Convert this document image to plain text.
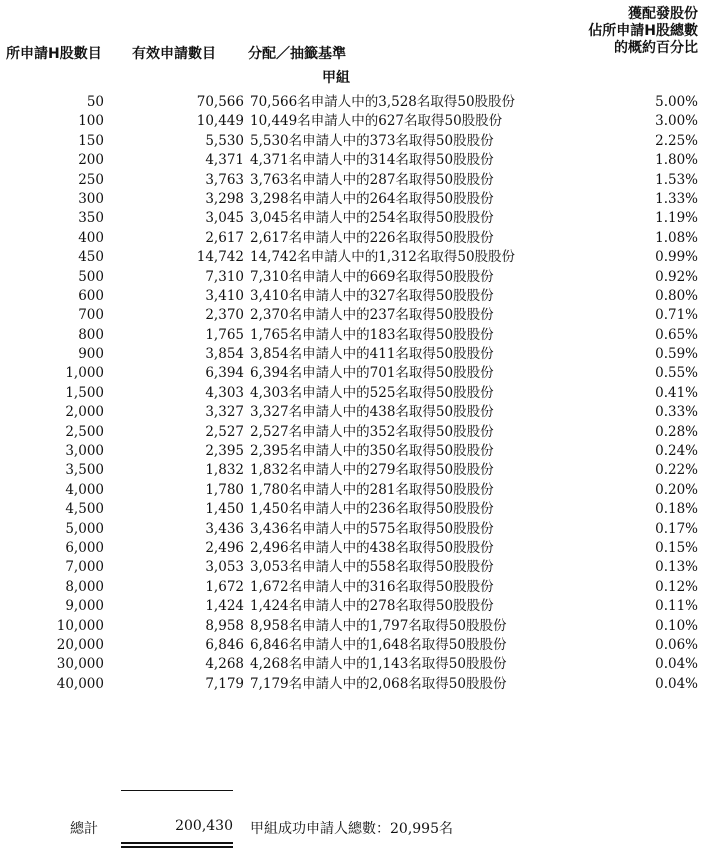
所申請H股數目 有效申請數目 分配／抽籤基準
甲組
獲配發股份
佔所申請H股總數
的概約百分比
50	70,566 70,566名申請人中的3,528名取得50股股份	5.00%
100	10,449 10,449名申請人中的627名取得50股股份	3.00%
150	5,530 5,530名申請人中的373名取得50股股份	2.25%
200	4,371 4,371名申請人中的314名取得50股股份	1.80%
250	3,763 3,763名申請人中的287名取得50股股份	1.53%
300	3,298 3,298名申請人中的264名取得50股股份	1.33%
350	3,045 3,045名申請人中的254名取得50股股份	1.19%
400	2,617 2,617名申請人中的226名取得50股股份	1.08%
450	14,742 14,742名申請人中的1,312名取得50股股份	0.99%
500	7,310 7,310名申請人中的669名取得50股股份	0.92%
600	3,410 3,410名申請人中的327名取得50股股份	0.80%
700	2,370 2,370名申請人中的237名取得50股股份	0.71%
800	1,765 1,765名申請人中的183名取得50股股份	0.65%
900	3,854 3,854名申請人中的411名取得50股股份	0.59%
1,000	6,394 6,394名申請人中的701名取得50股股份	0.55%
1,500	4,303 4,303名申請人中的525名取得50股股份	0.41%
2,000	3,327 3,327名申請人中的438名取得50股股份	0.33%
2,500	2,527 2,527名申請人中的352名取得50股股份	0.28%
3,000	2,395 2,395名申請人中的350名取得50股股份	0.24%
3,500	1,832 1,832名申請人中的279名取得50股股份	0.22%
4,000	1,780 1,780名申請人中的281名取得50股股份	0.20%
4,500	1,450 1,450名申請人中的236名取得50股股份	0.18%
5,000	3,436 3,436名申請人中的575名取得50股股份	0.17%
6,000	2,496 2,496名申請人中的438名取得50股股份	0.15%
7,000	3,053 3,053名申請人中的558名取得50股股份	0.13%
8,000	1,672 1,672名申請人中的316名取得50股股份	0.12%
9,000	1,424 1,424名申請人中的278名取得50股股份	0.11%
10,000	8,958 8,958名申請人中的1,797名取得50股股份	0.10%
20,000	6,846 6,846名申請人中的1,648名取得50股股份	0.06%
30,000	4,268 4,268名申請人中的1,143名取得50股股份	0.04%
40,000	7,179 7,179名申請人中的2,068名取得50股股份	0.04%
總計	200,430 甲組成功申請人總數：20,995名
